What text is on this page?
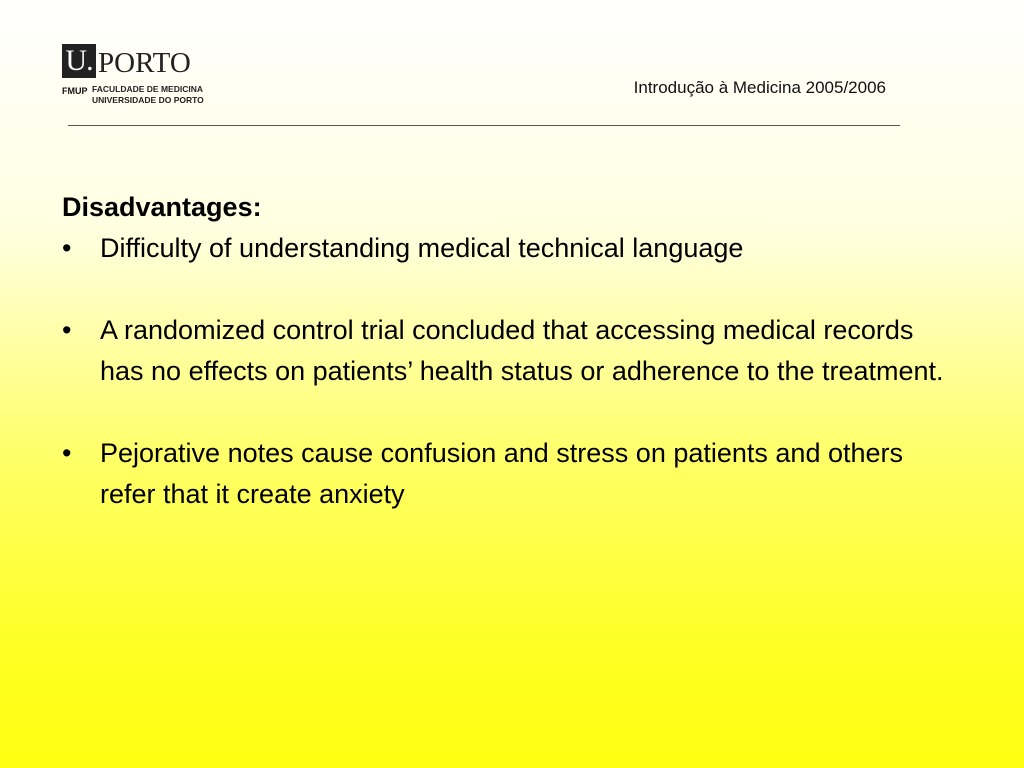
U. PORTO
FMUP FACULDADE DE MEDICINA
UNIVERSIDADE DO PORTO
Introdução à Medicina 2005/2006
Disadvantages:
•	Difficulty of understanding medical technical language
•	A randomized control trial concluded that accessing medical records has no effects on patients’ health status or adherence to the treatment.
•	Pejorative notes cause confusion and stress on patients and others refer that it create anxiety
